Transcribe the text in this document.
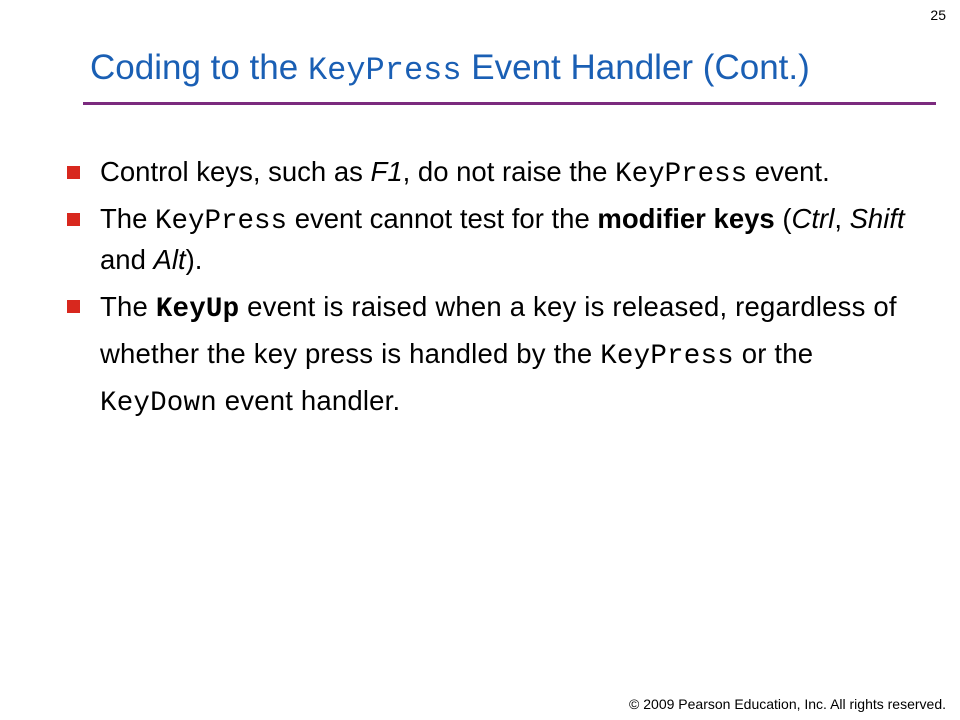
25
Coding to the KeyPress Event Handler (Cont.)
Control keys, such as F1, do not raise the KeyPress event.
The KeyPress event cannot test for the modifier keys (Ctrl, Shift and Alt).
The KeyUp event is raised when a key is released, regardless of whether the key press is handled by the KeyPress or the KeyDown event handler.
© 2009 Pearson Education, Inc. All rights reserved.
